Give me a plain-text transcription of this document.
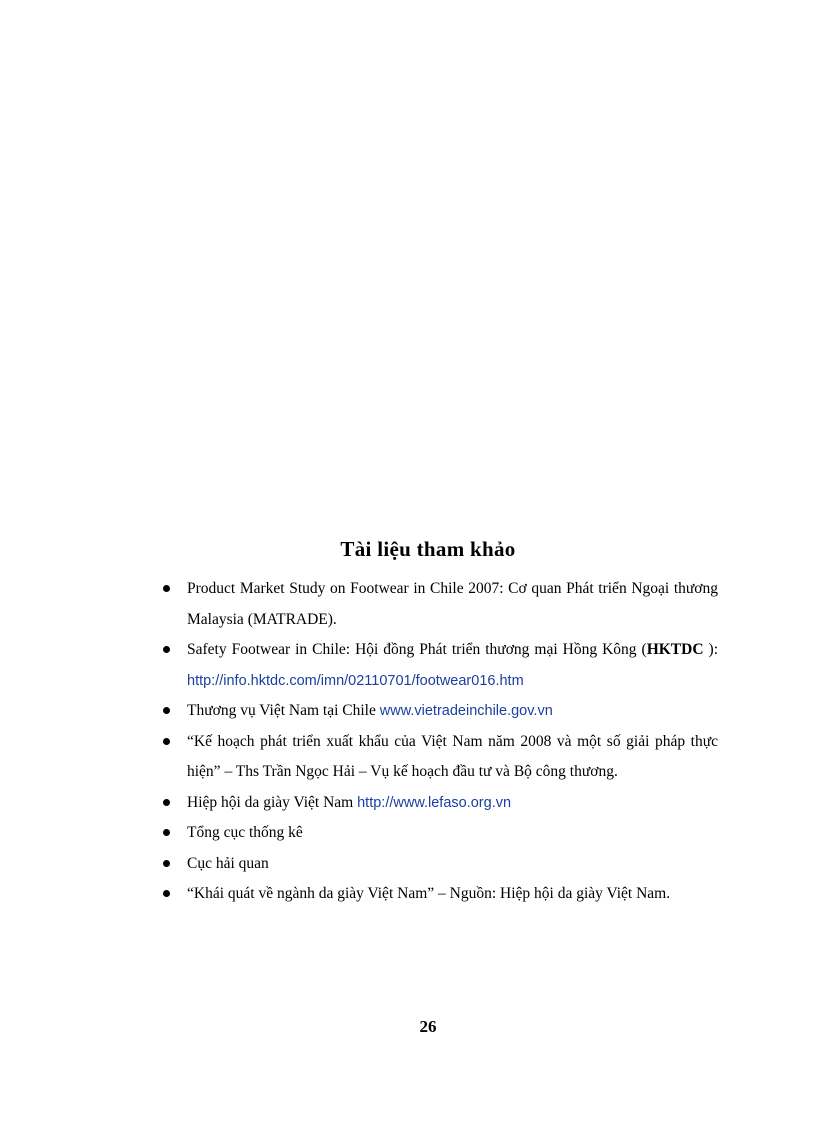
Tài liệu tham khảo
Product Market Study on Footwear in Chile 2007: Cơ quan Phát triển Ngoại thương Malaysia (MATRADE).
Safety Footwear in Chile: Hội đồng Phát triển thương mại Hồng Kông (HKTDC ): http://info.hktdc.com/imn/02110701/footwear016.htm
Thương vụ Việt Nam tại Chile www.vietradeinchile.gov.vn
“Kế hoạch phát triển xuất khẩu của Việt Nam năm 2008 và một số giải pháp thực hiện” – Ths Trần Ngọc Hải – Vụ kế hoạch đầu tư và Bộ công thương.
Hiệp hội da giày Việt Nam http://www.lefaso.org.vn
Tổng cục thống kê
Cục hải quan
“Khái quát về ngành da giày Việt Nam” – Nguồn: Hiệp hội da giày Việt Nam.
26
